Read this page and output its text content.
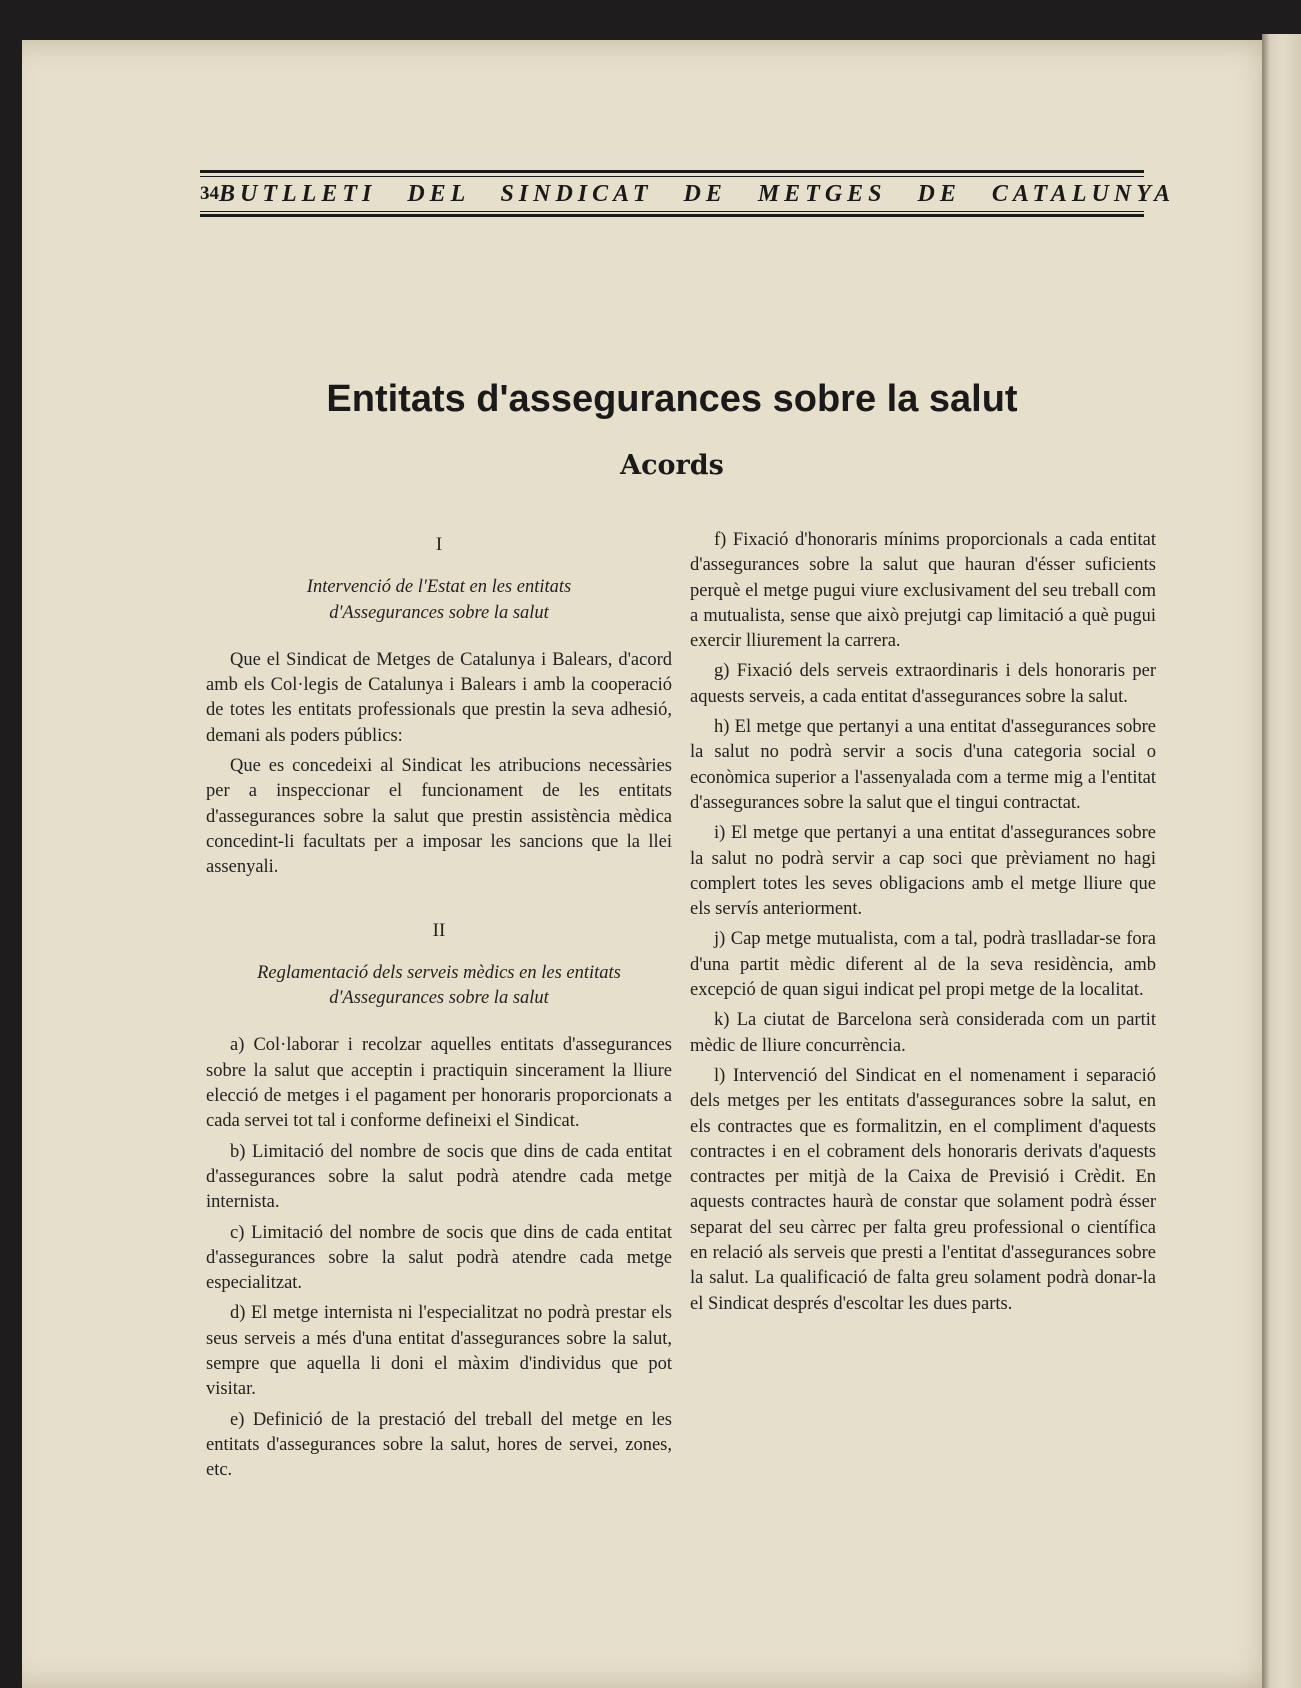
34 BUTLLETI DEL SINDICAT DE METGES DE CATALUNYA
Entitats d'assegurances sobre la salut
Acords
I
Intervenció de l'Estat en les entitats
d'Assegurances sobre la salut

Que el Sindicat de Metges de Catalunya i Balears, d'acord amb els Col·legis de Catalunya i Balears i amb la cooperació de totes les entitats professionals que prestin la seva adhesió, demani als poders públics:

Que es concedeixi al Sindicat les atribucions necessàries per a inspeccionar el funcionament de les entitats d'assegurances sobre la salut que prestin assistència mèdica concedint-li facultats per a imposar les sancions que la llei assenyali.

II
Reglamentació dels serveis mèdics en les entitats
d'Assegurances sobre la salut

a) Col·laborar i recolzar aquelles entitats d'assegurances sobre la salut que acceptin i practiquin sincerament la lliure elecció de metges i el pagament per honoraris proporcionats a cada servei tot tal i conforme defineixi el Sindicat.

b) Limitació del nombre de socis que dins de cada entitat d'assegurances sobre la salut podrà atendre cada metge internista.

c) Limitació del nombre de socis que dins de cada entitat d'assegurances sobre la salut podrà atendre cada metge especialitzat.

d) El metge internista ni l'especialitzat no podrà prestar els seus serveis a més d'una entitat d'assegurances sobre la salut, sempre que aquella li doni el màxim d'individus que pot visitar.

e) Definició de la prestació del treball del metge en les entitats d'assegurances sobre la salut, hores de servei, zones, etc.

f) Fixació d'honoraris mínims proporcionals a cada entitat d'assegurances sobre la salut que hauran d'ésser suficients perquè el metge pugui viure exclusivament del seu treball com a mutualista, sense que això prejutgi cap limitació a què pugui exercir lliurement la carrera.

g) Fixació dels serveis extraordinaris i dels honoraris per aquests serveis, a cada entitat d'assegurances sobre la salut.

h) El metge que pertanyi a una entitat d'assegurances sobre la salut no podrà servir a socis d'una categoria social o econòmica superior a l'assenyalada com a terme mig a l'entitat d'assegurances sobre la salut que el tingui contractat.

i) El metge que pertanyi a una entitat d'assegurances sobre la salut no podrà servir a cap soci que prèviament no hagi complert totes les seves obligacions amb el metge lliure que els servís anteriorment.

j) Cap metge mutualista, com a tal, podrà traslladar-se fora d'una partit mèdic diferent al de la seva residència, amb excepció de quan sigui indicat pel propi metge de la localitat.

k) La ciutat de Barcelona serà considerada com un partit mèdic de lliure concurrència.

l) Intervenció del Sindicat en el nomenament i separació dels metges per les entitats d'assegurances sobre la salut, en els contractes que es formalitzin, en el compliment d'aquests contractes i en el cobrament dels honoraris derivats d'aquests contractes per mitjà de la Caixa de Previsió i Crèdit. En aquests contractes haurà de constar que solament podrà ésser separat del seu càrrec per falta greu professional o científica en relació als serveis que presti a l'entitat d'assegurances sobre la salut. La qualificació de falta greu solament podrà donar-la el Sindicat després d'escoltar les dues parts.
